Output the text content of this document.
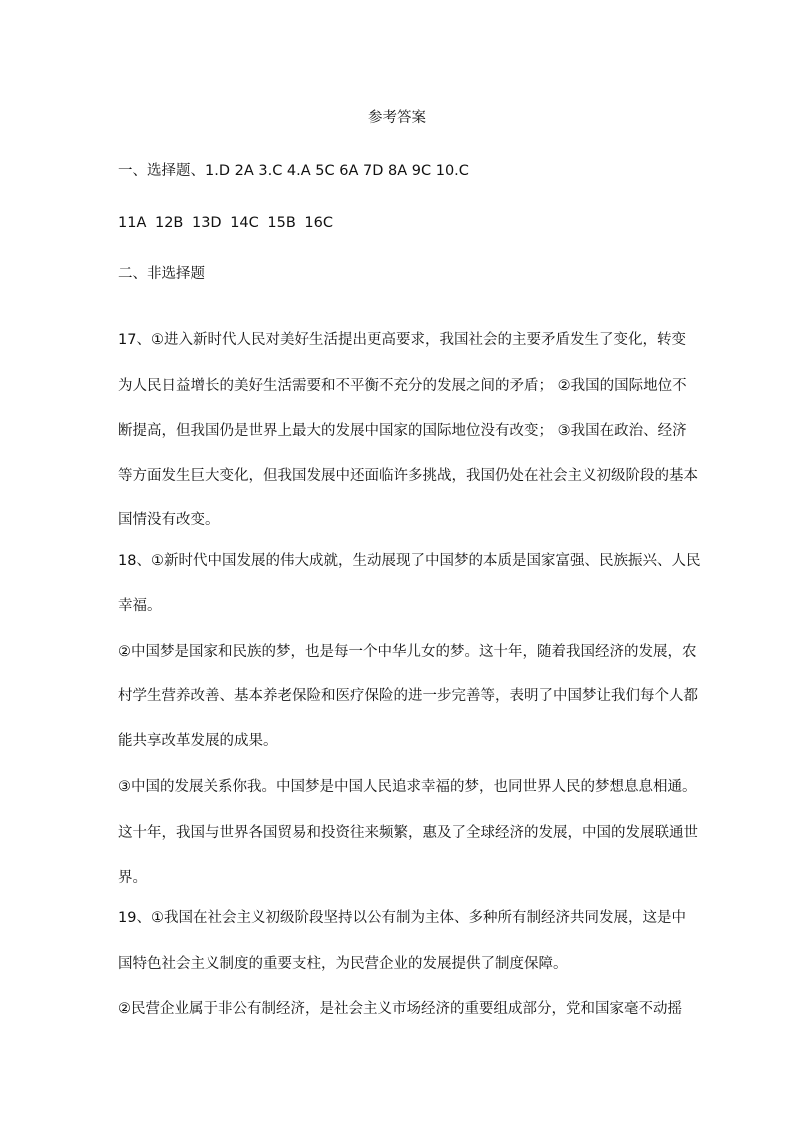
参考答案
一、选择题、1.D 2A 3.C 4.A 5C 6A 7D 8A 9C 10.C
11A 12B 13D 14C 15B 16C
二、非选择题
17、①进入新时代人民对美好生活提出更高要求，我国社会的主要矛盾发生了变化，转变
为人民日益增长的美好生活需要和不平衡不充分的发展之间的矛盾； ②我国的国际地位不
断提高，但我国仍是世界上最大的发展中国家的国际地位没有改变； ③我国在政治、经济
等方面发生巨大变化，但我国发展中还面临许多挑战，我国仍处在社会主义初级阶段的基本
国情没有改变。
18、①新时代中国发展的伟大成就，生动展现了中国梦的本质是国家富强、民族振兴、人民
幸福。
②中国梦是国家和民族的梦，也是每一个中华儿女的梦。这十年，随着我国经济的发展，农
村学生营养改善、基本养老保险和医疗保险的进一步完善等，表明了中国梦让我们每个人都
能共享改革发展的成果。
③中国的发展关系你我。中国梦是中国人民追求幸福的梦，也同世界人民的梦想息息相通。
这十年，我国与世界各国贸易和投资往来频繁，惠及了全球经济的发展，中国的发展联通世
界。
19、①我国在社会主义初级阶段坚持以公有制为主体、多种所有制经济共同发展，这是中
国特色社会主义制度的重要支柱，为民营企业的发展提供了制度保障。
②民营企业属于非公有制经济，是社会主义市场经济的重要组成部分，党和国家毫不动摇
